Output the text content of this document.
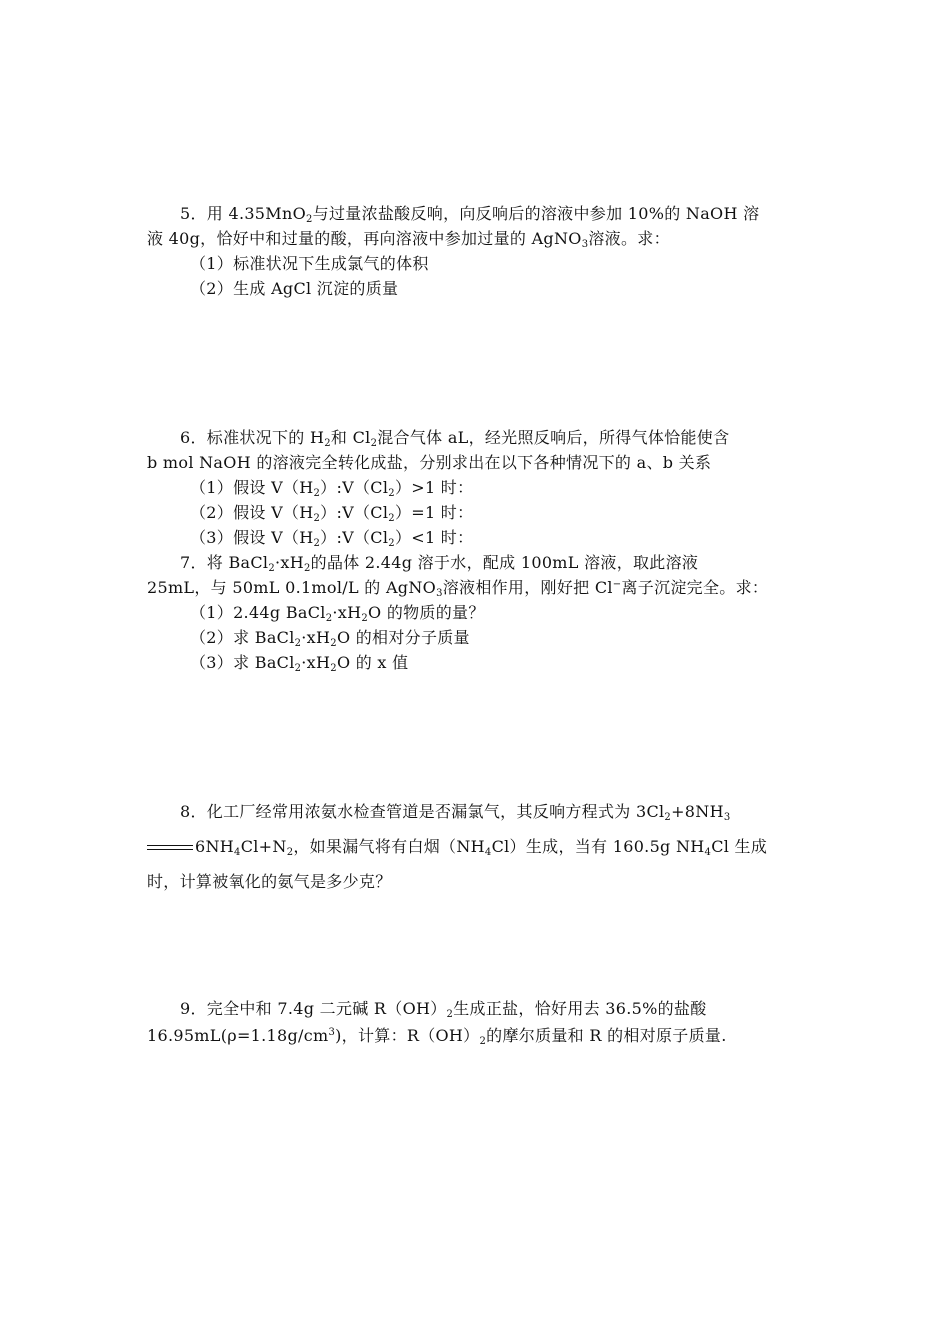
5．用 4.35MnO$_2$与过量浓盐酸反响，向反响后的溶液中参加 10%的 NaOH 溶
液 40g，恰好中和过量的酸，再向溶液中参加过量的 AgNO$_3$溶液。求：
（1）标准状况下生成氯气的体积
（2）生成 AgCl 沉淀的质量
6．标准状况下的 $H_2$和 $Cl_2$混合气体 aL，经光照反响后，所得气体恰能使含
b mol NaOH 的溶液完全转化成盐，分别求出在以下各种情况下的 a、b 关系
（1）假设 $V(H_2):V(Cl_2)>1$ 时：
（2）假设 $V(H_2):V(Cl_2)=1$ 时：
（3）假设 $V(H_2):V(Cl_2)<1$ 时：
7．将 $BaCl_2\cdot xH_2$的晶体 2.44g 溶于水，配成 100mL 溶液，取此溶液
25mL，与 50mL 0.1mol/L 的 AgNO$_3$溶液相作用，刚好把 Cl−离子沉淀完全。求：
（1）2.44g $BaCl_2\cdot xH_2O$ 的物质的量？
（2）求 $BaCl_2\cdot xH_2O$ 的相对分子质量
（3）求 $BaCl_2\cdot xH_2O$ 的 x 值
8．化工厂经常用浓氨水检查管道是否漏氯气，其反响方程式为 $3Cl_2+8NH_3$
$6NH_4Cl+N_2$，如果漏气将有白烟$(NH_4Cl)$生成，当有 160.5g $NH_4Cl$ 生成
时，计算被氧化的氨气是多少克？
9．完全中和 7.4g 二元碱 $R(OH)_2$生成正盐，恰好用去 36.5%的盐酸
$16.95mL(\rho=1.18g/cm^3)$，计算：$R(OH)_2$的摩尔质量和 R 的相对原子质量.
